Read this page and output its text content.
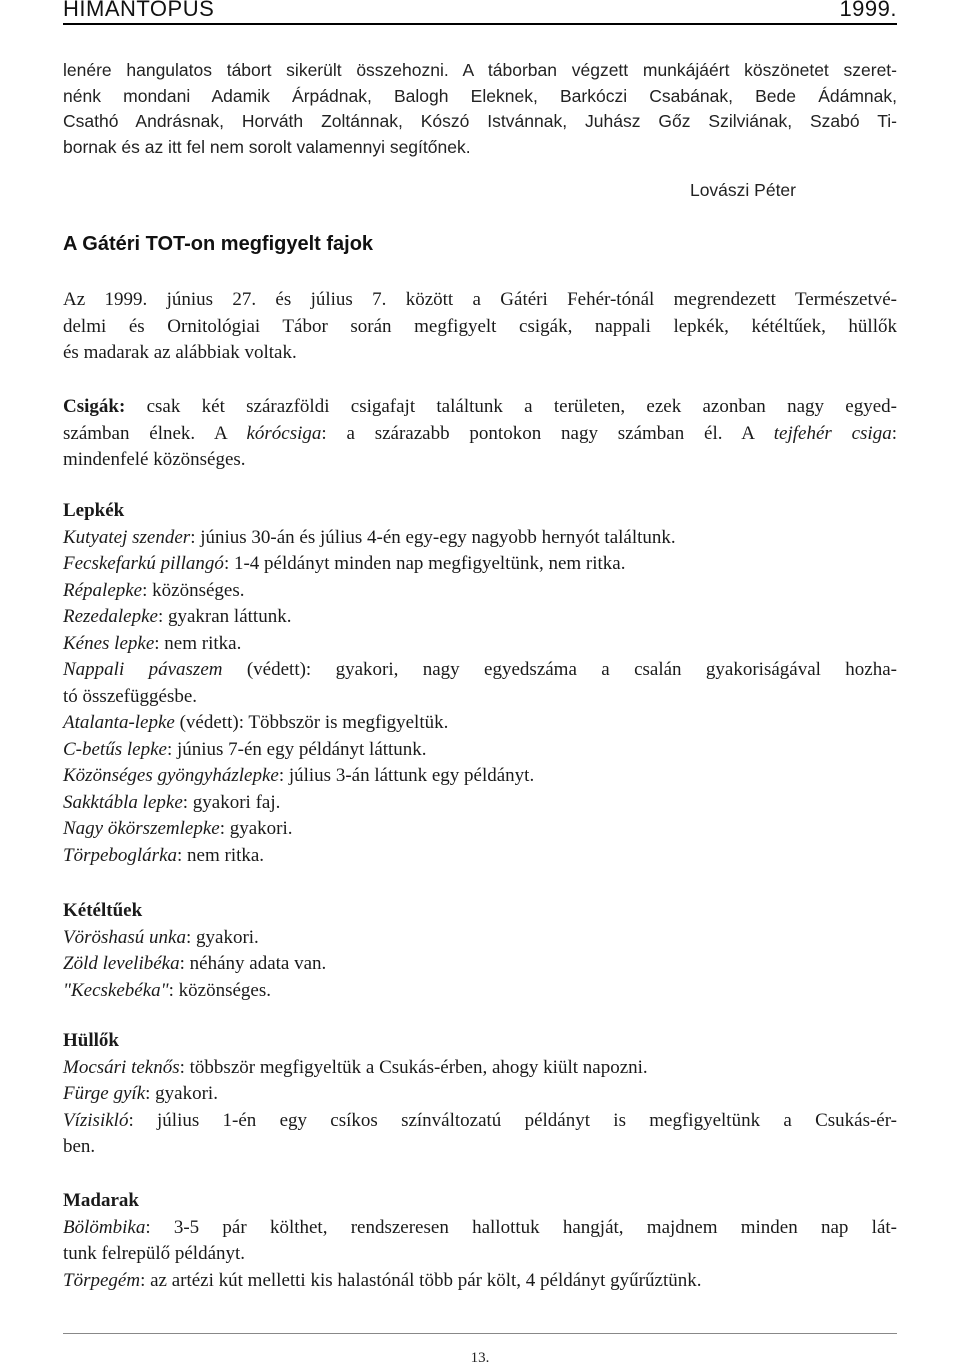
HIMANTOPUS	1999.
lenére hangulatos tábort sikerült összehozni. A táborban végzett munkájáért köszönetet szeret-
nénk mondani Adamik Árpádnak, Balogh Eleknek, Barkóczi Csabának, Bede Ádámnak,
Csathó Andrásnak, Horváth Zoltánnak, Kószó Istvánnak, Juhász Gőz Szilviának, Szabó Ti-
bornak és az itt fel nem sorolt valamennyi segítőnek.
Lovászi Péter
A Gátéri TOT-on megfigyelt fajok
Az 1999. június 27. és július 7. között a Gátéri Fehér-tónál megrendezett Természetvé-
delmi és Ornitológiai Tábor során megfigyelt csigák, nappali lepkék, kétéltűek, hüllők
és madarak az alábbiak voltak.
Csigák: csak két szárazföldi csigafajt találtunk a területen, ezek azonban nagy egyed-
számban élnek. A kórócsiga: a szárazabb pontokon nagy számban él. A tejfehér csiga:
mindenfelé közönséges.
Lepkék
Kutyatej szender: június 30-án és július 4-én egy-egy nagyobb hernyót találtunk.
Fecskefarkú pillangó: 1-4 példányt minden nap megfigyeltünk, nem ritka.
Répalepke: közönséges.
Rezedalepke: gyakran láttunk.
Kénes lepke: nem ritka.
Nappali pávaszem (védett): gyakori, nagy egyedszáma a csalán gyakoriságával hozha-
tó összefüggésbe.
Atalanta-lepke (védett): Többször is megfigyeltük.
C-betűs lepke: június 7-én egy példányt láttunk.
Közönséges gyöngyházlepke: július 3-án láttunk egy példányt.
Sakktábla lepke: gyakori faj.
Nagy ökörszemlepke: gyakori.
Törpeboglárka: nem ritka.
Kétéltűek
Vöröshasú unka: gyakori.
Zöld levelibéka: néhány adata van.
"Kecskebéka": közönséges.
Hüllők
Mocsári teknős: többször megfigyeltük a Csukás-érben, ahogy kiült napozni.
Fürge gyík: gyakori.
Vízisikló: július 1-én egy csíkos színváltozatú példányt is megfigyeltünk a Csukás-ér-
ben.
Madarak
Bölömbika: 3-5 pár költhet, rendszeresen hallottuk hangját, majdnem minden nap lát-
tunk felrepülő példányt.
Törpegém: az artézi kút melletti kis halastónál több pár költ, 4 példányt gyűrűztünk.
13.
